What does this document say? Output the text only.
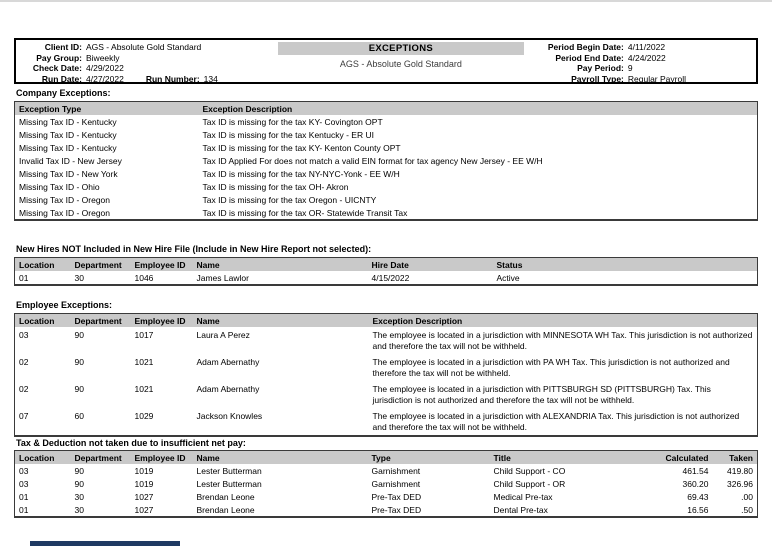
Client ID: AGS - Absolute Gold Standard
Pay Group: Biweekly
Check Date: 4/29/2022
Run Date: 4/27/2022	Run Number: 134
EXCEPTIONS
AGS - Absolute Gold Standard
Period Begin Date: 4/11/2022
Period End Date: 4/24/2022
Pay Period: 9
Payroll Type: Regular Payroll
Company Exceptions:
Exception Type	Exception Description
Missing Tax ID - Kentucky	Tax ID is missing for the tax KY- Covington OPT
Missing Tax ID - Kentucky	Tax ID is missing for the tax Kentucky - ER UI
Missing Tax ID - Kentucky	Tax ID is missing for the tax KY- Kenton County OPT
Invalid Tax ID - New Jersey	Tax ID Applied For does not match a valid EIN format for tax agency New Jersey - EE W/H
Missing Tax ID - New York	Tax ID is missing for the tax NY-NYC-Yonk - EE W/H
Missing Tax ID - Ohio	Tax ID is missing for the tax OH- Akron
Missing Tax ID - Oregon	Tax ID is missing for the tax Oregon - UICNTY
Missing Tax ID - Oregon	Tax ID is missing for the tax OR- Statewide Transit Tax
New Hires NOT Included in New Hire File (Include in New Hire Report not selected):
Location	Department	Employee ID	Name	Hire Date	Status
01	30	1046	James Lawlor	4/15/2022	Active
Employee Exceptions:
Location	Department	Employee ID	Name	Exception Description
03	90	1017	Laura A Perez	The employee is located in a jurisdiction with MINNESOTA WH Tax. This jurisdiction is not authorized and therefore the tax will not be withheld.
02	90	1021	Adam Abernathy	The employee is located in a jurisdiction with PA WH Tax. This jurisdiction is not authorized and therefore the tax will not be withheld.
02	90	1021	Adam Abernathy	The employee is located in a jurisdiction with PITTSBURGH SD (PITTSBURGH) Tax. This jurisdiction is not authorized and therefore the tax will not be withheld.
07	60	1029	Jackson Knowles	The employee is located in a jurisdiction with ALEXANDRIA Tax. This jurisdiction is not authorized and therefore the tax will not be withheld.
Tax & Deduction not taken due to insufficient net pay:
Location	Department	Employee ID	Name	Type	Title	Calculated	Taken
03	90	1019	Lester Butterman	Garnishment	Child Support - CO	461.54	419.80
03	90	1019	Lester Butterman	Garnishment	Child Support - OR	360.20	326.96
01	30	1027	Brendan Leone	Pre-Tax DED	Medical Pre-tax	69.43	.00
01	30	1027	Brendan Leone	Pre-Tax DED	Dental Pre-tax	16.56	.50
